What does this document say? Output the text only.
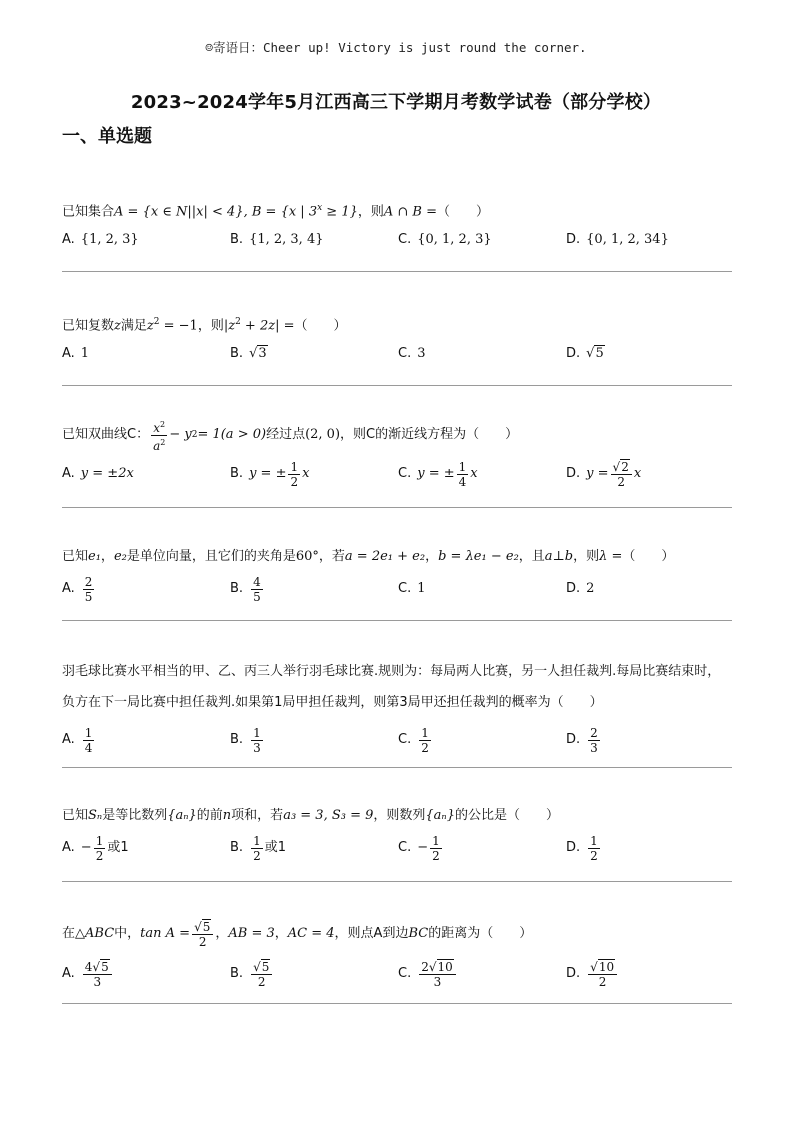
☺寄语日：Cheer up! Victory is just round the corner.
2023~2024学年5月江西高三下学期月考数学试卷（部分学校）
一、单选题
已知集合A = {x ∈ N||x| < 4}, B = {x | $3^x \ge 1$}，则A ∩ B =（　　）
A. {1, 2, 3}	B. {1, 2, 3, 4}	C. {0, 1, 2, 3}	D. {0, 1, 2, 34}
已知复数z满足$z^2 = -1$，则$|z^2 + 2z|$ =（　　）
A. 1	B. √3	C. 3	D. √5
已知双曲线C： $\frac{x^2}{a^2} - y$ 2 = 1(a > 0) 经过点 (2, 0) ，则C的渐近线方程为（　　）
A. y = ±2x	B. y = ± $\frac{1}{2}$ x	C. y = ± $\frac{1}{4}$ x	D. $y = \frac{√2}{2}$ x
已知e₁，e₂是单位向量，且它们的夹角是60°，若a = 2e₁ + e₂，b = λe₁ − e₂，且a⊥b，则λ =（　　）
A. $\frac{2}{5}$	B. $\frac{4}{5}$	C. 1	D. 2
羽毛球比赛水平相当的甲、乙、丙三人举行羽毛球比赛.规则为：每局两人比赛，另一人担任裁判.每局比赛结束时，负方在下一局比赛中担任裁判.如果第1局甲担任裁判，则第3局甲还担任裁判的概率为（　　）
A. $\frac{1}{4}$	B. $\frac{1}{3}$	C. $\frac{1}{2}$	D. $\frac{2}{3}$
已知Sₙ是等比数列{aₙ}的前n项和，若a₃ = 3, S₃ = 9，则数列{aₙ}的公比是（　　）
A. − $\frac{1}{2}$ 或1	B. $\frac{1}{2}$ 或1	C. − $\frac{1}{2}$	D. $\frac{1}{2}$
在 △ABC 中， $\tan A = \frac{√5}{2}$ ， AB = 3 ， AC = 4 ，则点A到边 BC 的距离为（　　）
A. $\frac{4√5}{3}$	B. $\frac{√5}{2}$	C. $\frac{2√10}{3}$	D. $\frac{√10}{2}$
